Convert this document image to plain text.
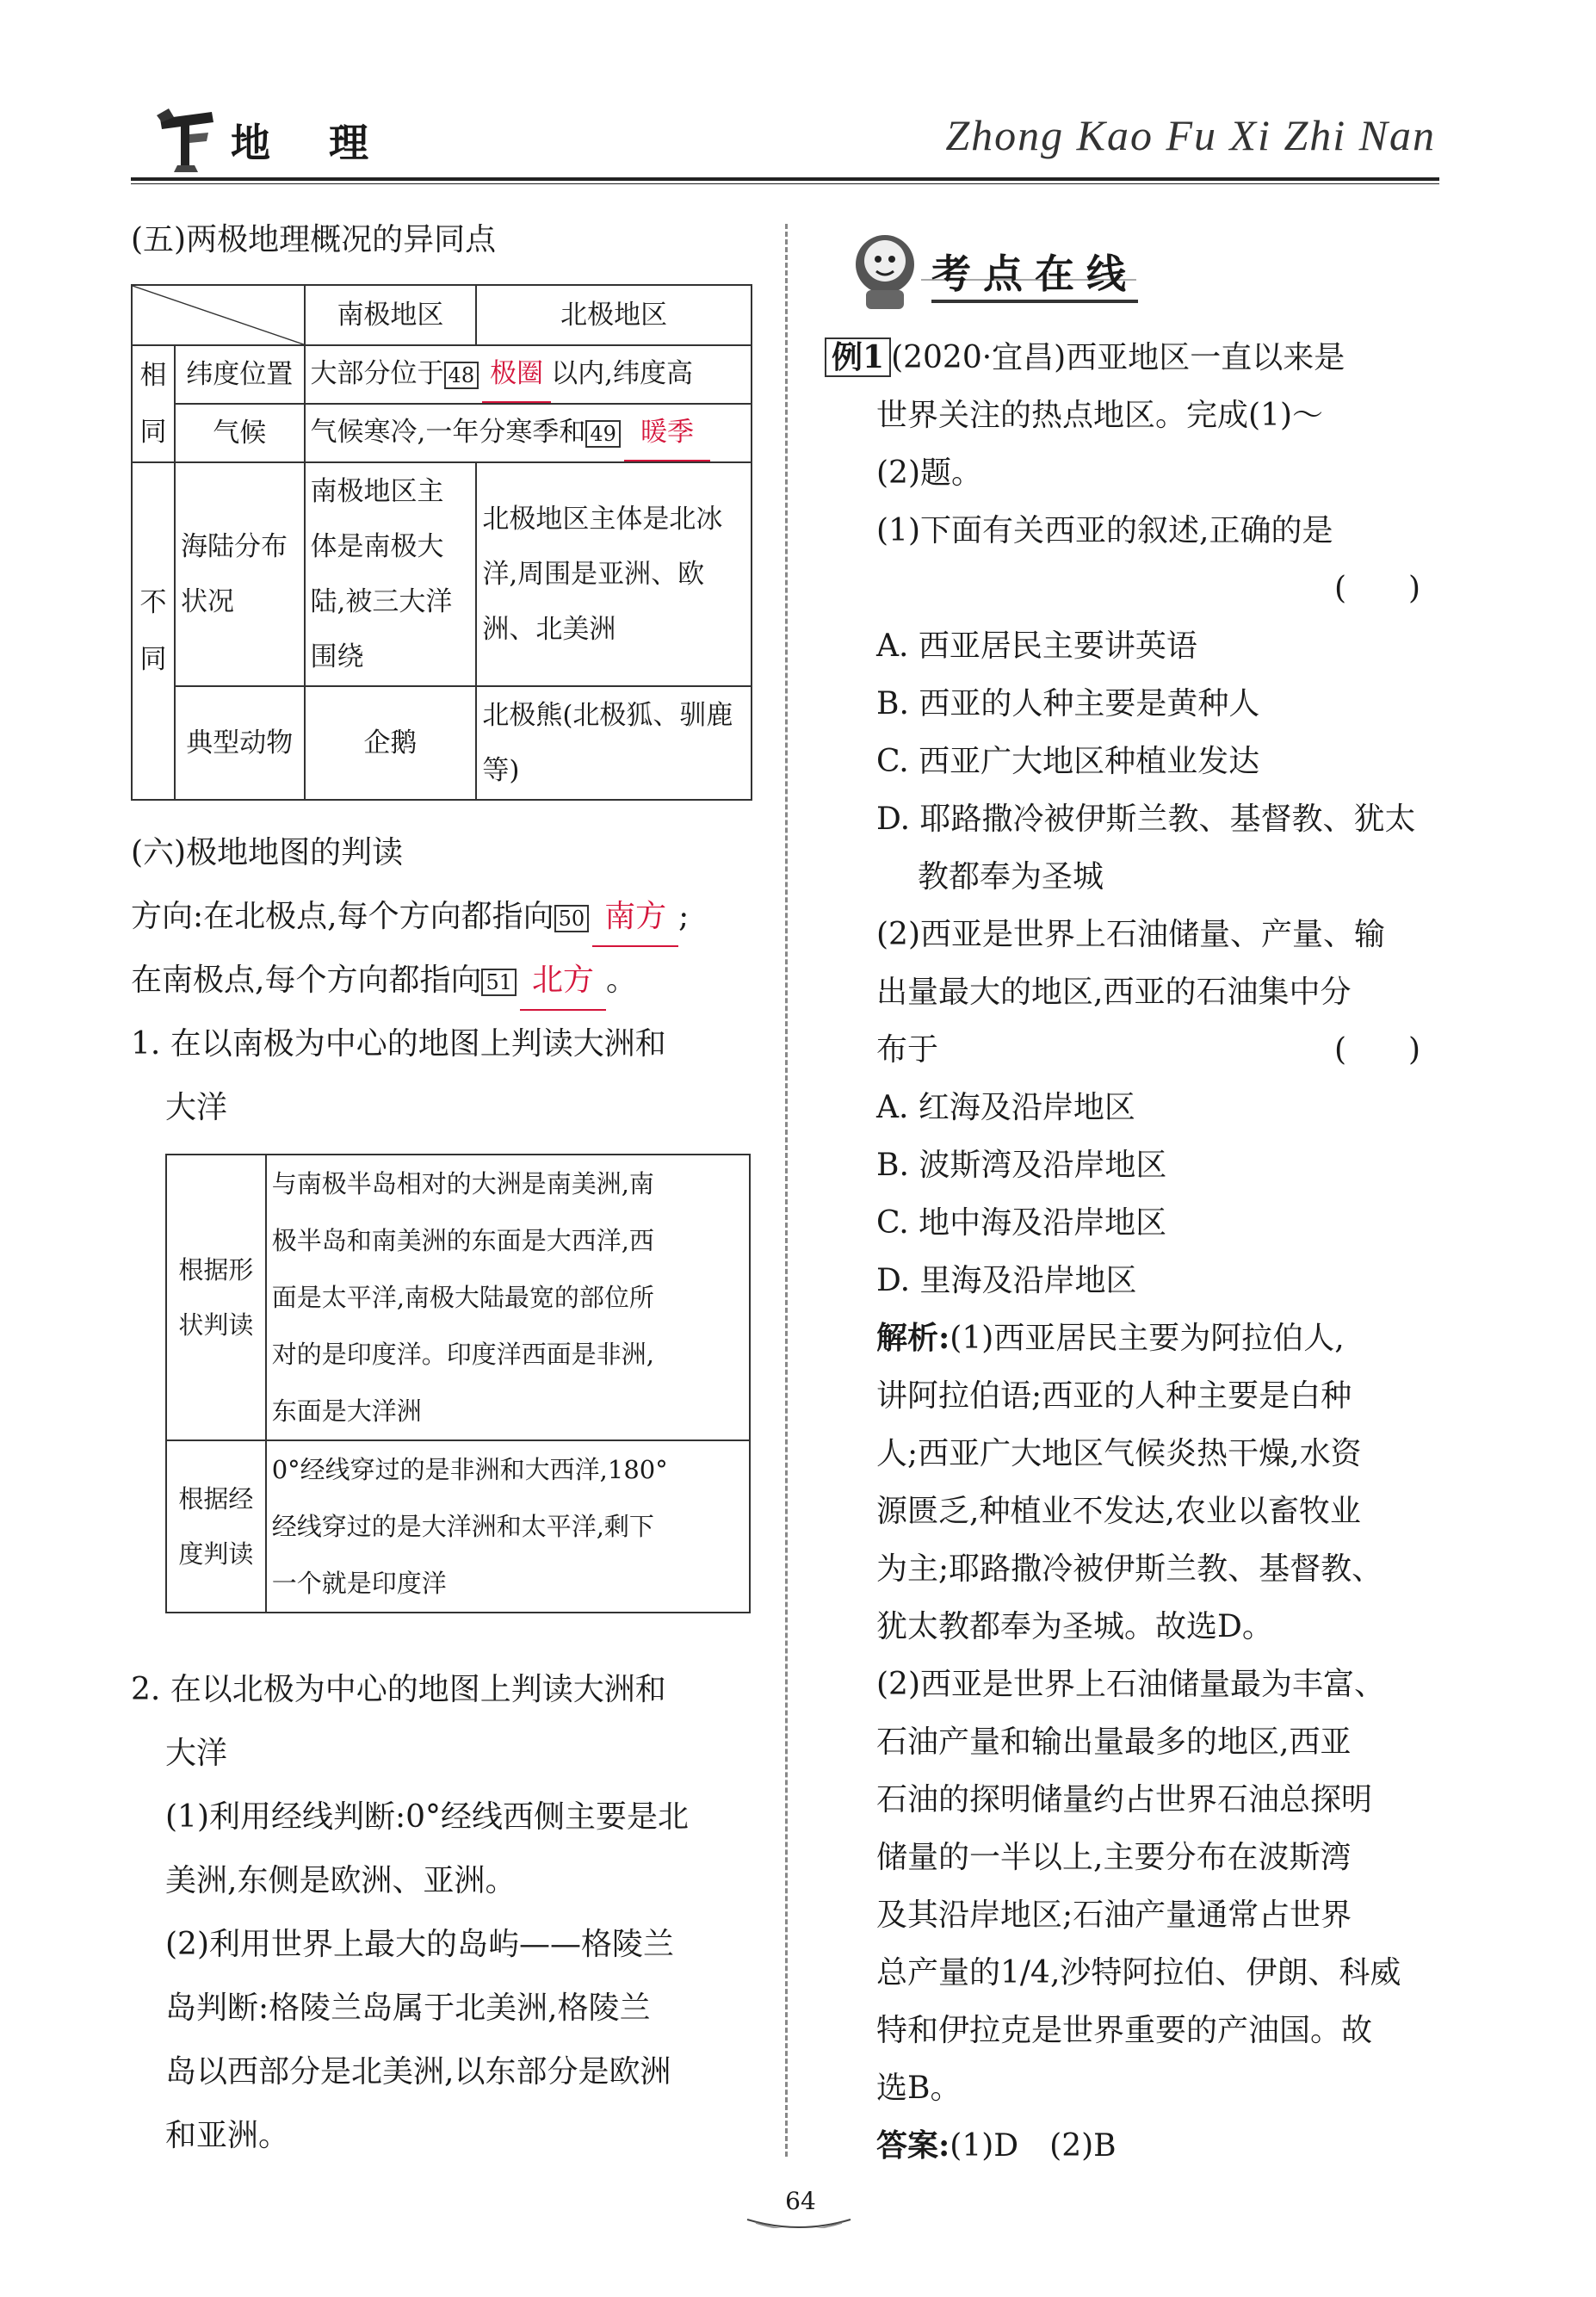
地 理	Zhong Kao Fu Xi Zhi Nan
(五)两极地理概况的异同点
	南极地区	北极地区
相同	纬度位置	大部分位于 48 极圈 以内,纬度高	
	气候	气候寒冷,一年分寒季和 49 暖季	
不同	海陆分布状况	南极地区主体是南极大陆,被三大洋围绕	北极地区主体是北冰洋,周围是亚洲、欧洲、北美洲
	典型动物	企鹅	北极熊(北极狐、驯鹿等)
(六)极地地图的判读
方向:在北极点,每个方向都指向 50 南方 ;
在南极点,每个方向都指向 51 北方 。
1. 在以南极为中心的地图上判读大洲和
大洋
根据形状判读	与南极半岛相对的大洲是南美洲,南
极半岛和南美洲的东面是大西洋,西
面是太平洋,南极大陆最宽的部位所
对的是印度洋。印度洋西面是非洲,
东面是大洋洲

根据经度判读	0°经线穿过的是非洲和大西洋,180°
经线穿过的是大洋洲和太平洋,剩下
一个就是印度洋
2. 在以北极为中心的地图上判读大洲和
大洋
(1)利用经线判断:0°经线西侧主要是北
美洲,东侧是欧洲、亚洲。
(2)利用世界上最大的岛屿——格陵兰
岛判断:格陵兰岛属于北美洲,格陵兰
岛以西部分是北美洲,以东部分是欧洲
和亚洲。
考点在线
例1 (2020·宜昌)西亚地区一直以来是
世界关注的热点地区。完成(1)～
(2)题。
(1)下面有关西亚的叙述,正确的是
(　　)
A. 西亚居民主要讲英语
B. 西亚的人种主要是黄种人
C. 西亚广大地区种植业发达
D. 耶路撒冷被伊斯兰教、基督教、犹太
教都奉为圣城
(2)西亚是世界上石油储量、产量、输
出量最大的地区,西亚的石油集中分
布于	(　　)
A. 红海及沿岸地区
B. 波斯湾及沿岸地区
C. 地中海及沿岸地区
D. 里海及沿岸地区
解析:(1)西亚居民主要为阿拉伯人,
讲阿拉伯语;西亚的人种主要是白种
人;西亚广大地区气候炎热干燥,水资
源匮乏,种植业不发达,农业以畜牧业
为主;耶路撒冷被伊斯兰教、基督教、
犹太教都奉为圣城。故选D。
(2)西亚是世界上石油储量最为丰富、
石油产量和输出量最多的地区,西亚
石油的探明储量约占世界石油总探明
储量的一半以上,主要分布在波斯湾
及其沿岸地区;石油产量通常占世界
总产量的1/4,沙特阿拉伯、伊朗、科威
特和伊拉克是世界重要的产油国。故
选B。
答案:(1)D　(2)B
64
